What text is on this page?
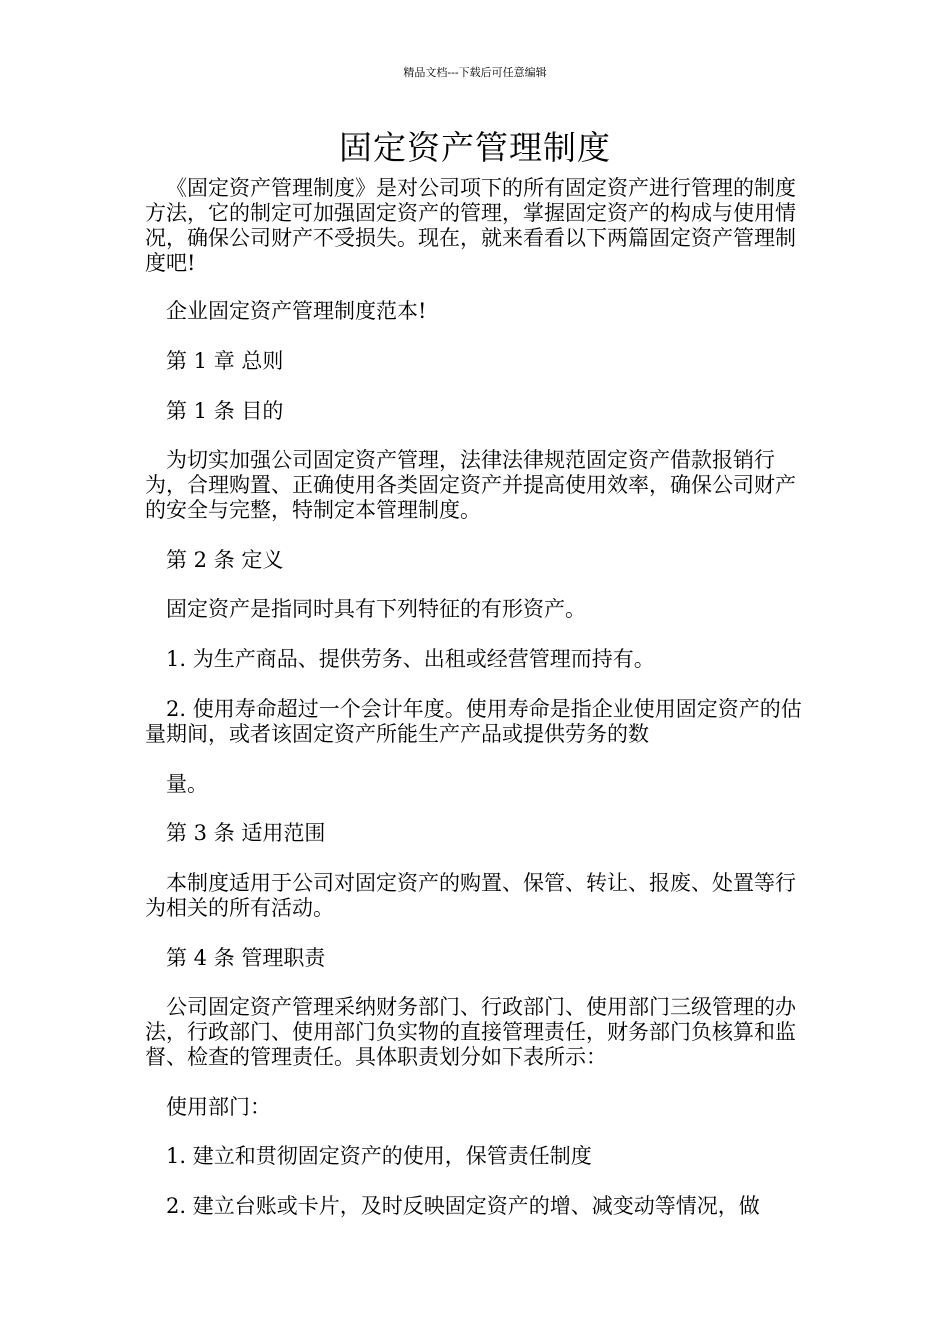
精品文档---下载后可任意编辑
固定资产管理制度

《固定资产管理制度》是对公司项下的所有固定资产进行管理的制度方法，它的制定可加强固定资产的管理，掌握固定资产的构成与使用情况，确保公司财产不受损失。现在，就来看看以下两篇固定资产管理制度吧!

企业固定资产管理制度范本!

第 1 章 总则

第 1 条 目的

为切实加强公司固定资产管理，法律法律规范固定资产借款报销行为，合理购置、正确使用各类固定资产并提高使用效率，确保公司财产的安全与完整，特制定本管理制度。

第 2 条 定义

固定资产是指同时具有下列特征的有形资产。

1. 为生产商品、提供劳务、出租或经营管理而持有。

2. 使用寿命超过一个会计年度。使用寿命是指企业使用固定资产的估量期间，或者该固定资产所能生产产品或提供劳务的数

量。

第 3 条 适用范围

本制度适用于公司对固定资产的购置、保管、转让、报废、处置等行为相关的所有活动。

第 4 条 管理职责

公司固定资产管理采纳财务部门、行政部门、使用部门三级管理的办法，行政部门、使用部门负实物的直接管理责任，财务部门负核算和监督、检查的管理责任。具体职责划分如下表所示：

使用部门：

1. 建立和贯彻固定资产的使用，保管责任制度

2. 建立台账或卡片，及时反映固定资产的增、减变动等情况，做
